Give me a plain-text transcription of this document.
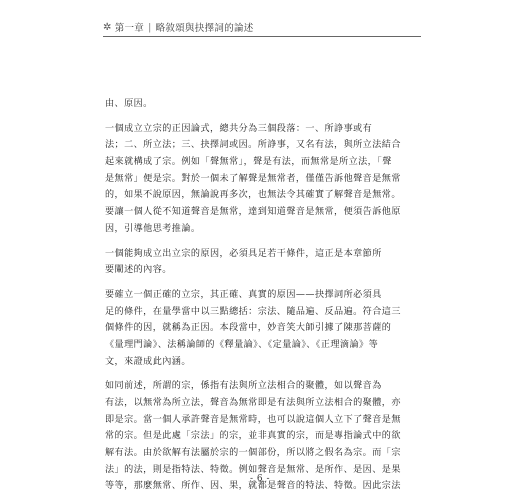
✲ 第一章 | 略敘頌與抉擇詞的論述
由、原因。
一個成立立宗的正因論式，總共分為三個段落：一、所諍事或有
法；二、所立法；三、抉擇詞或因。所諍事，又名有法，與所立法結合
起來就構成了宗。例如「聲無常」，聲是有法，而無常是所立法，「聲
是無常」便是宗。對於一個未了解聲是無常者，僅僅告訴他聲音是無常
的，如果不說原因，無論說再多次，也無法令其確實了解聲音是無常。
要讓一個人從不知道聲音是無常，達到知道聲音是無常，便須告訴他原
因，引導他思考推論。
一個能夠成立出立宗的原因，必須具足若干條件，這正是本章節所
要闡述的內容。
要確立一個正確的立宗，其正確、真實的原因——抉擇詞所必須具
足的條件，在量學當中以三點總括：宗法、隨品遍、反品遍。符合這三
個條件的因，就稱為正因。本段當中，妙音笑大師引據了陳那菩薩的
《量理門論》、法稱論師的《釋量論》、《定量論》、《正理滴論》等
文，來證成此內涵。
如同前述，所謂的宗，係指有法與所立法相合的聚體，如以聲音為
有法，以無常為所立法，聲音為無常即是有法與所立法相合的聚體，亦
即是宗。當一個人承許聲音是無常時，也可以說這個人立下了聲音是無
常的宗。但是此處「宗法」的宗，並非真實的宗，而是專指論式中的欲
解有法。由於欲解有法屬於宗的一個部份，所以將之假名為宗。而「宗
法」的法，則是指特法、特徵。例如聲音是無常、是所作、是因、是果
等等，那麼無常、所作、因、果，就都是聲音的特法、特徵。因此宗法
- 6 -
